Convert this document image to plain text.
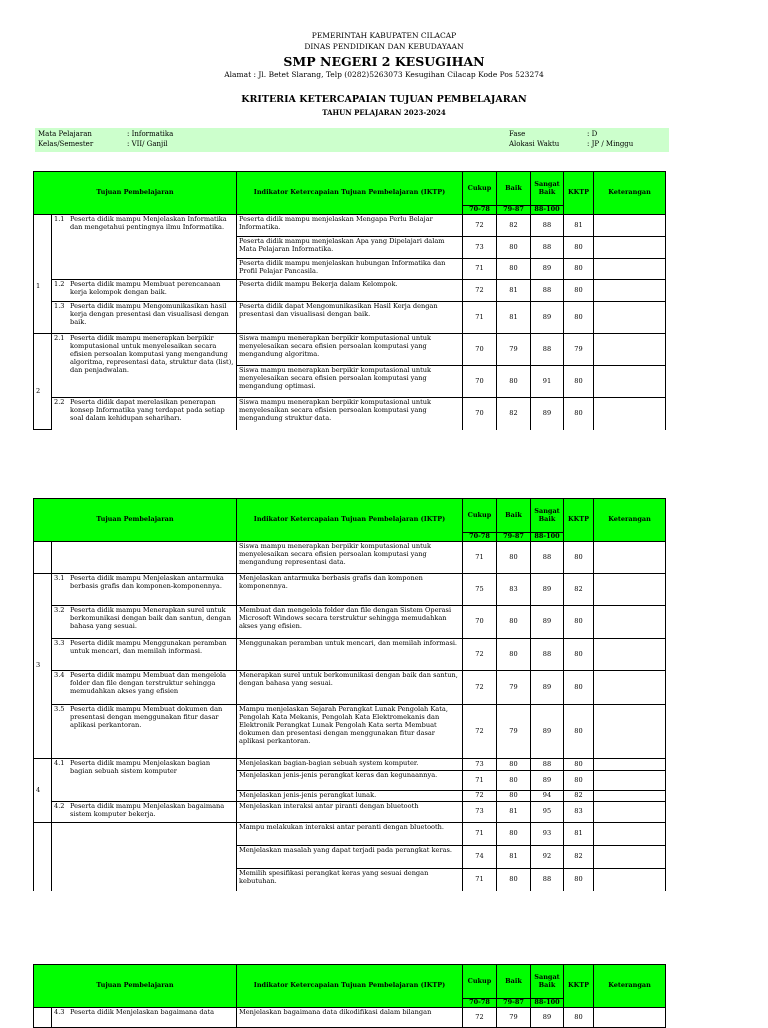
PEMERINTAH KABUPATEN CILACAP
DINAS PENDIDIKAN DAN KEBUDAYAAN
SMP NEGERI 2 KESUGIHAN
Alamat : Jl. Betet Slarang, Telp (0282)5263073 Kesugihan Cilacap Kode Pos 523274
KRITERIA KETERCAPAIAN TUJUAN PEMBELAJARAN
TAHUN PELAJARAN 2023-2024
Mata Pelajaran	: Informatika
Kelas/Semester	: VII/ Ganjil
Fase	: D
Alokasi Waktu	: JP / Minggu
Tujuan Pembelajaran		Indikator Ketercapaian Tujuan Pembelajaran (IKTP)	Cukup	Baik	Sangat Baik	KKTP	Keterangan
			70-78	79-87	88-100		
1	1.1 Peserta didik mampu Menjelaskan Informatika dan mengetahui pentingnya ilmu Informatika.	Peserta didik mampu menjelaskan Mengapa Perlu Belajar Informatika.	72	82	88	81	
		Peserta didik mampu menjelaskan Apa yang Dipelajari dalam Mata Pelajaran Informatika.	73	80	88	80	
		Peserta didik mampu menjelaskan hubungan Informatika dan Profil Pelajar Pancasila.	71	80	89	80	

	1.2 Peserta didik mampu Membuat perencanaan kerja kelompok dengan baik.	Peserta didik mampu Bekerja dalam Kelompok.	72	81	88	80	

	1.3 Peserta didik mampu Mengomunikasikan hasil kerja dengan presentasi dan visualisasi dengan baik.	Peserta didik dapat Mengomunikasikan Hasil Kerja dengan presentasi dan visualisasi dengan baik.	71	81	89	80	
2	2.1 Peserta didik mampu menerapkan berpikir komputasional untuk menyelesaikan secara efisien persoalan komputasi yang mengandung algoritma, representasi data, struktur data (list), dan penjadwalan.	Siswa mampu menerapkan berpikir komputasional untuk menyelesaikan secara efisien persoalan komputasi yang mengandung algoritma.	70	79	88	79	
		Siswa mampu menerapkan berpikir komputasional untuk menyelesaikan secara efisien persoalan komputasi yang mengandung optimasi.	70	80	91	80	

	2.2 Peserta didik dapat merelasikan penerapan konsep Informatika yang terdapat pada setiap soal dalam kehidupan sehariharı.	Siswa mampu menerapkan berpikir komputasional untuk menyelesaikan secara efisien persoalan komputasi yang mengandung struktur data.	70	82	89	80	
Tujuan Pembelajaran		Indikator Ketercapaian Tujuan Pembelajaran (IKTP)	Cukup	Baik	Sangat Baik	KKTP	Keterangan
			70-78	79-87	88-100		
		Siswa mampu menerapkan berpikir komputasional untuk menyelesaikan secara efisien persoalan komputasi yang mengandung representasi data.	71	80	88	80	
3	3.1 Peserta didik mampu Menjelaskan antarmuka berbasis grafis dan komponen-komponennya.	Menjelaskan antarmuka berbasis grafis dan komponen komponennya.	75	83	89	82	

	3.2 Peserta didik mampu Menerapkan surel untuk berkomunikasi dengan baik dan santun, dengan bahasa yang sesuai.	Membuat dan mengelola folder dan file dengan Sistem Operasi Microsoft Windows secara terstruktur sehingga memudahkan akses yang efisien.	70	80	89	80	

	3.3 Peserta didik mampu Menggunakan peramban untuk mencari, dan memilah informasi.	Menggunakan peramban untuk mencari, dan memilah informasi.	72	80	88	80	

	3.4 Peserta didik mampu Membuat dan mengelola folder dan file dengan terstruktur sehingga memudahkan akses yang efisien	Menerapkan surel untuk berkomunikasi dengan baik dan santun, dengan bahasa yang sesuai.	72	79	89	80	

	3.5 Peserta didik mampu Membuat dokumen dan presentasi dengan menggunakan fitur dasar aplikasi perkantoran.	Mampu menjelaskan Sejarah Perangkat Lunak Pengolah Kata, Pengolah Kata Mekanis, Pengolah Kata Elektromekanis dan Elektronik Perangkat Lunak Pengolah Kata serta Membuat dokumen dan presentasi dengan menggunakan fitur dasar aplikasi perkantoran.	72	79	89	80	
4	4.1 Peserta didik mampu Menjelaskan bagian bagian sebuah sistem komputer	Menjelaskan bagian-bagian sebuah system komputer.	73	80	88	80	
		Menjelaskan jenis-jenis perangkat keras dan kegunaannya.	71	80	89	80	
		Menjelaskan jenis-jenis perangkat lunak.	72	80	94	82	

	4.2 Peserta didik mampu Menjelaskan bagaimana sistem komputer bekerja.	Menjelaskan interaksi antar piranti dengan bluetooth	73	81	95	83	
		Mampu melakukan interaksi antar peranti dengan bluetooth.	71	80	93	81	
		Menjelaskan masalah yang dapat terjadi pada perangkat keras.	74	81	92	82	
		Memilih spesifikasi perangkat keras yang sesuai dengan kebutuhan.	71	80	88	80	
Tujuan Pembelajaran		Indikator Ketercapaian Tujuan Pembelajaran (IKTP)	Cukup	Baik	Sangat Baik	KKTP	Keterangan
			70-78	79-87	88-100		

	4.3 Peserta didik Menjelaskan bagaimana data	Menjelaskan bagaimana data dikodifikasi dalam bilangan	72	79	89	80	
